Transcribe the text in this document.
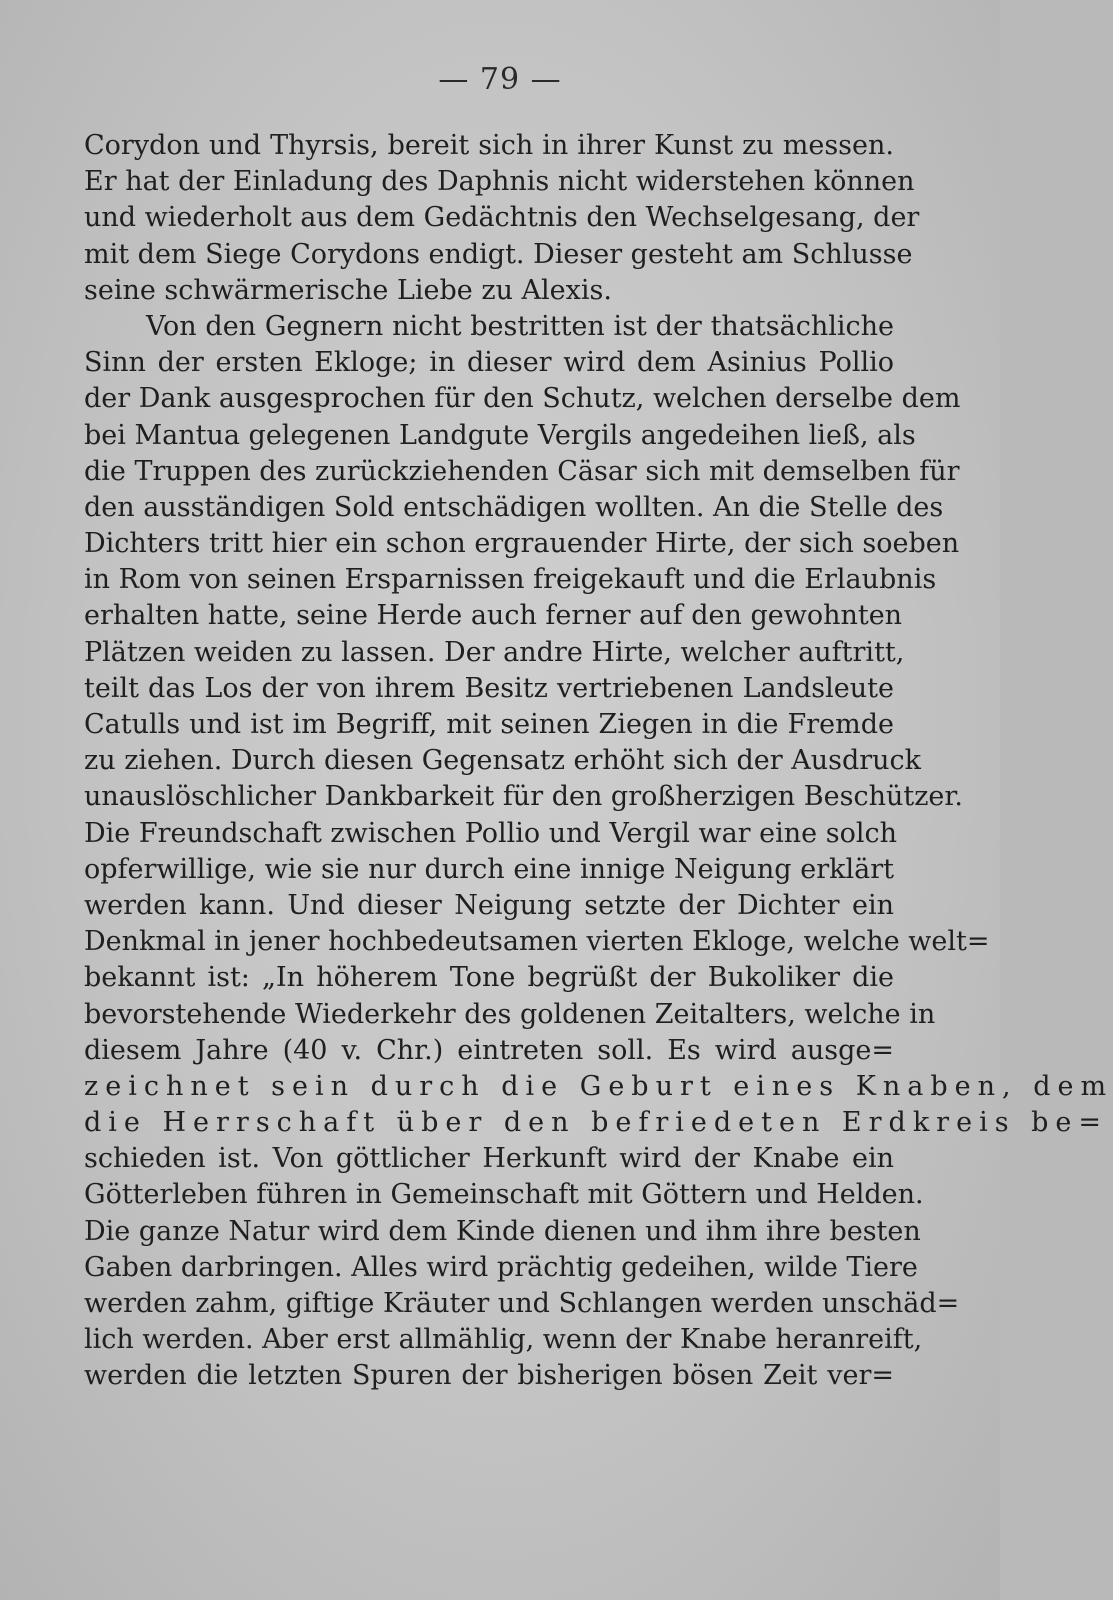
— 79 —
Corydon und Thyrsis, bereit sich in ihrer Kunst zu messen.
Er hat der Einladung des Daphnis nicht widerstehen können
und wiederholt aus dem Gedächtnis den Wechselgesang, der
mit dem Siege Corydons endigt. Dieser gesteht am Schlusse
seine schwärmerische Liebe zu Alexis.
Von den Gegnern nicht bestritten ist der thatsächliche
Sinn der ersten Ekloge; in dieser wird dem Asinius Pollio
der Dank ausgesprochen für den Schutz, welchen derselbe dem
bei Mantua gelegenen Landgute Vergils angedeihen ließ, als
die Truppen des zurückziehenden Cäsar sich mit demselben für
den ausständigen Sold entschädigen wollten. An die Stelle des
Dichters tritt hier ein schon ergrauender Hirte, der sich soeben
in Rom von seinen Ersparnissen freigekauft und die Erlaubnis
erhalten hatte, seine Herde auch ferner auf den gewohnten
Plätzen weiden zu lassen. Der andre Hirte, welcher auftritt,
teilt das Los der von ihrem Besitz vertriebenen Landsleute
Catulls und ist im Begriff, mit seinen Ziegen in die Fremde
zu ziehen. Durch diesen Gegensatz erhöht sich der Ausdruck
unauslöschlicher Dankbarkeit für den großherzigen Beschützer.
Die Freundschaft zwischen Pollio und Vergil war eine solch
opferwillige, wie sie nur durch eine innige Neigung erklärt
werden kann. Und dieser Neigung setzte der Dichter ein
Denkmal in jener hochbedeutsamen vierten Ekloge, welche welt=
bekannt ist: „In höherem Tone begrüßt der Bukoliker die
bevorstehende Wiederkehr des goldenen Zeitalters, welche in
diesem Jahre (40 v. Chr.) eintreten soll. Es wird ausge=
zeichnet sein durch die Geburt eines Knaben, dem
die Herrschaft über den befriedeten Erdkreis be=
schieden ist. Von göttlicher Herkunft wird der Knabe ein
Götterleben führen in Gemeinschaft mit Göttern und Helden.
Die ganze Natur wird dem Kinde dienen und ihm ihre besten
Gaben darbringen. Alles wird prächtig gedeihen, wilde Tiere
werden zahm, giftige Kräuter und Schlangen werden unschäd=
lich werden. Aber erst allmählig, wenn der Knabe heranreift,
werden die letzten Spuren der bisherigen bösen Zeit ver=
